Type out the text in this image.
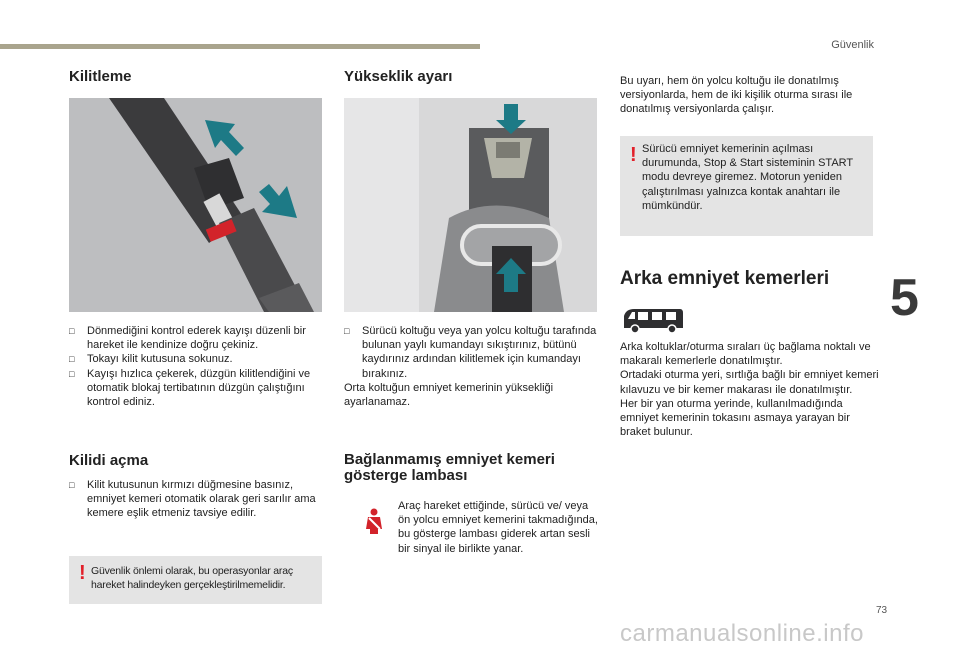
Güvenlik
5
Kilitleme

□ Dönmediğini kontrol ederek kayışı düzenli bir hareket ile kendinize doğru çekiniz.

□ Tokayı kilit kutusuna sokunuz.

□ Kayışı hızlıca çekerek, düzgün kilitlendiğini ve otomatik blokaj tertibatının düzgün çalıştığını kontrol ediniz.

Kilidi açma

□ Kilit kutusunun kırmızı düğmesine basınız, emniyet kemeri otomatik olarak geri sarılır ama kemere eşlik etmeniz tavsiye edilir.

! Güvenlik önlemi olarak, bu operasyonlar araç hareket halindeyken gerçekleştirilmemelidir.
Yükseklik ayarı

□ Sürücü koltuğu veya yan yolcu koltuğu tarafında bulunan yaylı kumandayı sıkıştırınız, bütünü kaydırınız ardından kilitlemek için kumandayı bırakınız.

Orta koltuğun emniyet kemerinin yüksekliği ayarlanamaz.

Bağlanmamış emniyet kemeri
gösterge lambası
Araç hareket ettiğinde, sürücü ve/ veya ön yolcu emniyet kemerini takmadığında, bu gösterge lambası giderek artan sesli bir sinyal ile birlikte yanar.
Bu uyarı, hem ön yolcu koltuğu ile donatılmış versiyonlarda, hem de iki kişilik oturma sırası ile donatılmış versiyonlarda çalışır.
! Sürücü emniyet kemerinin açılması durumunda, Stop & Start sisteminin START modu devreye giremez. Motorun yeniden çalıştırılması yalnızca kontak anahtarı ile mümkündür.
Arka emniyet kemerleri

Arka koltuklar/oturma sıraları üç bağlama noktalı ve makaralı kemerlerle donatılmıştır.

Ortadaki oturma yeri, sırtlığa bağlı bir emniyet kemeri kılavuzu ve bir kemer makarası ile donatılmıştır.

Her bir yan oturma yerinde, kullanılmadığında emniyet kemerinin tokasını asmaya yarayan bir braket bulunur.

73
carmanualsonline.info
